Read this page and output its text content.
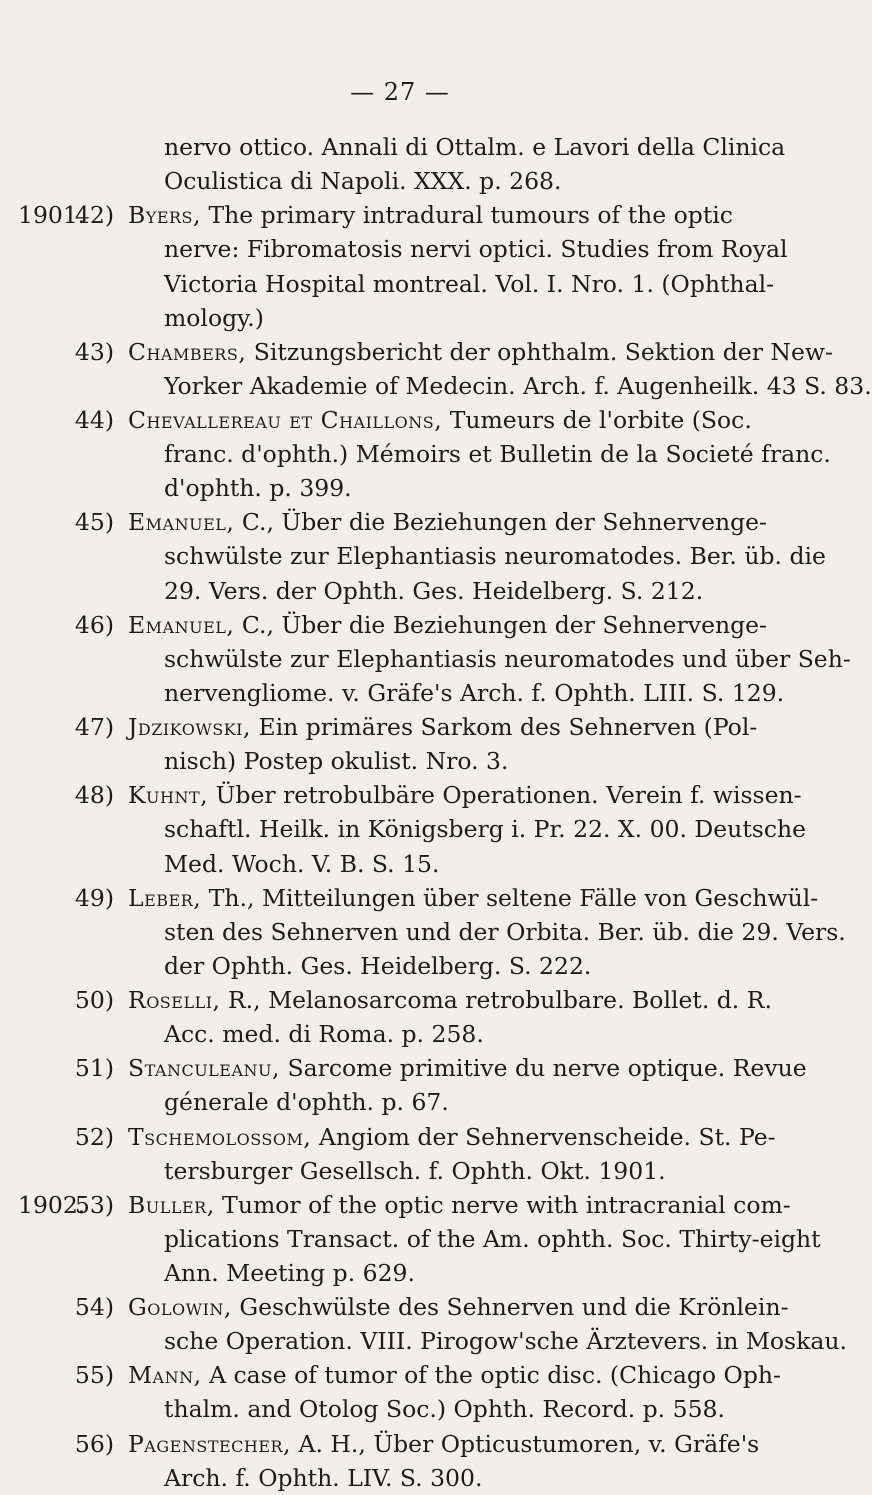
— 27 —
nervo ottico. Annali di Ottalm. e Lavori della Clinica
Oculistica di Napoli. XXX. p. 268.
1901.
42) Byers, The primary intradural tumours of the optic
nerve: Fibromatosis nervi optici. Studies from Royal
Victoria Hospital montreal. Vol. I. Nro. 1. (Ophthal-
mology.)
43) Chambers, Sitzungsbericht der ophthalm. Sektion der New-
Yorker Akademie of Medecin. Arch. f. Augenheilk. 43 S. 83.
44) Chevallereau et Chaillons, Tumeurs de l'orbite (Soc.
franc. d'ophth.) Mémoirs et Bulletin de la Societé franc.
d'ophth. p. 399.
45) Emanuel, C., Über die Beziehungen der Sehnervenge-
schwülste zur Elephantiasis neuromatodes. Ber. üb. die
29. Vers. der Ophth. Ges. Heidelberg. S. 212.
46) Emanuel, C., Über die Beziehungen der Sehnervenge-
schwülste zur Elephantiasis neuromatodes und über Seh-
nervengliome. v. Gräfe's Arch. f. Ophth. LIII. S. 129.
47) Jdzikowski, Ein primäres Sarkom des Sehnerven (Pol-
nisch) Postep okulist. Nro. 3.
48) Kuhnt, Über retrobulbäre Operationen. Verein f. wissen-
schaftl. Heilk. in Königsberg i. Pr. 22. X. 00. Deutsche
Med. Woch. V. B. S. 15.
49) Leber, Th., Mitteilungen über seltene Fälle von Geschwül-
sten des Sehnerven und der Orbita. Ber. üb. die 29. Vers.
der Ophth. Ges. Heidelberg. S. 222.
50) Roselli, R., Melanosarcoma retrobulbare. Bollet. d. R.
Acc. med. di Roma. p. 258.
51) Stanculeanu, Sarcome primitive du nerve optique. Revue
génerale d'ophth. p. 67.
52) Tschemolossom, Angiom der Sehnervenscheide. St. Pe-
tersburger Gesellsch. f. Ophth. Okt. 1901.
1902.
53) Buller, Tumor of the optic nerve with intracranial com-
plications Transact. of the Am. ophth. Soc. Thirty-eight
Ann. Meeting p. 629.
54) Golowin, Geschwülste des Sehnerven und die Krönlein-
sche Operation. VIII. Pirogow'sche Ärztevers. in Moskau.
55) Mann, A case of tumor of the optic disc. (Chicago Oph-
thalm. and Otolog Soc.) Ophth. Record. p. 558.
56) Pagenstecher, A. H., Über Opticustumoren, v. Gräfe's
Arch. f. Ophth. LIV. S. 300.
